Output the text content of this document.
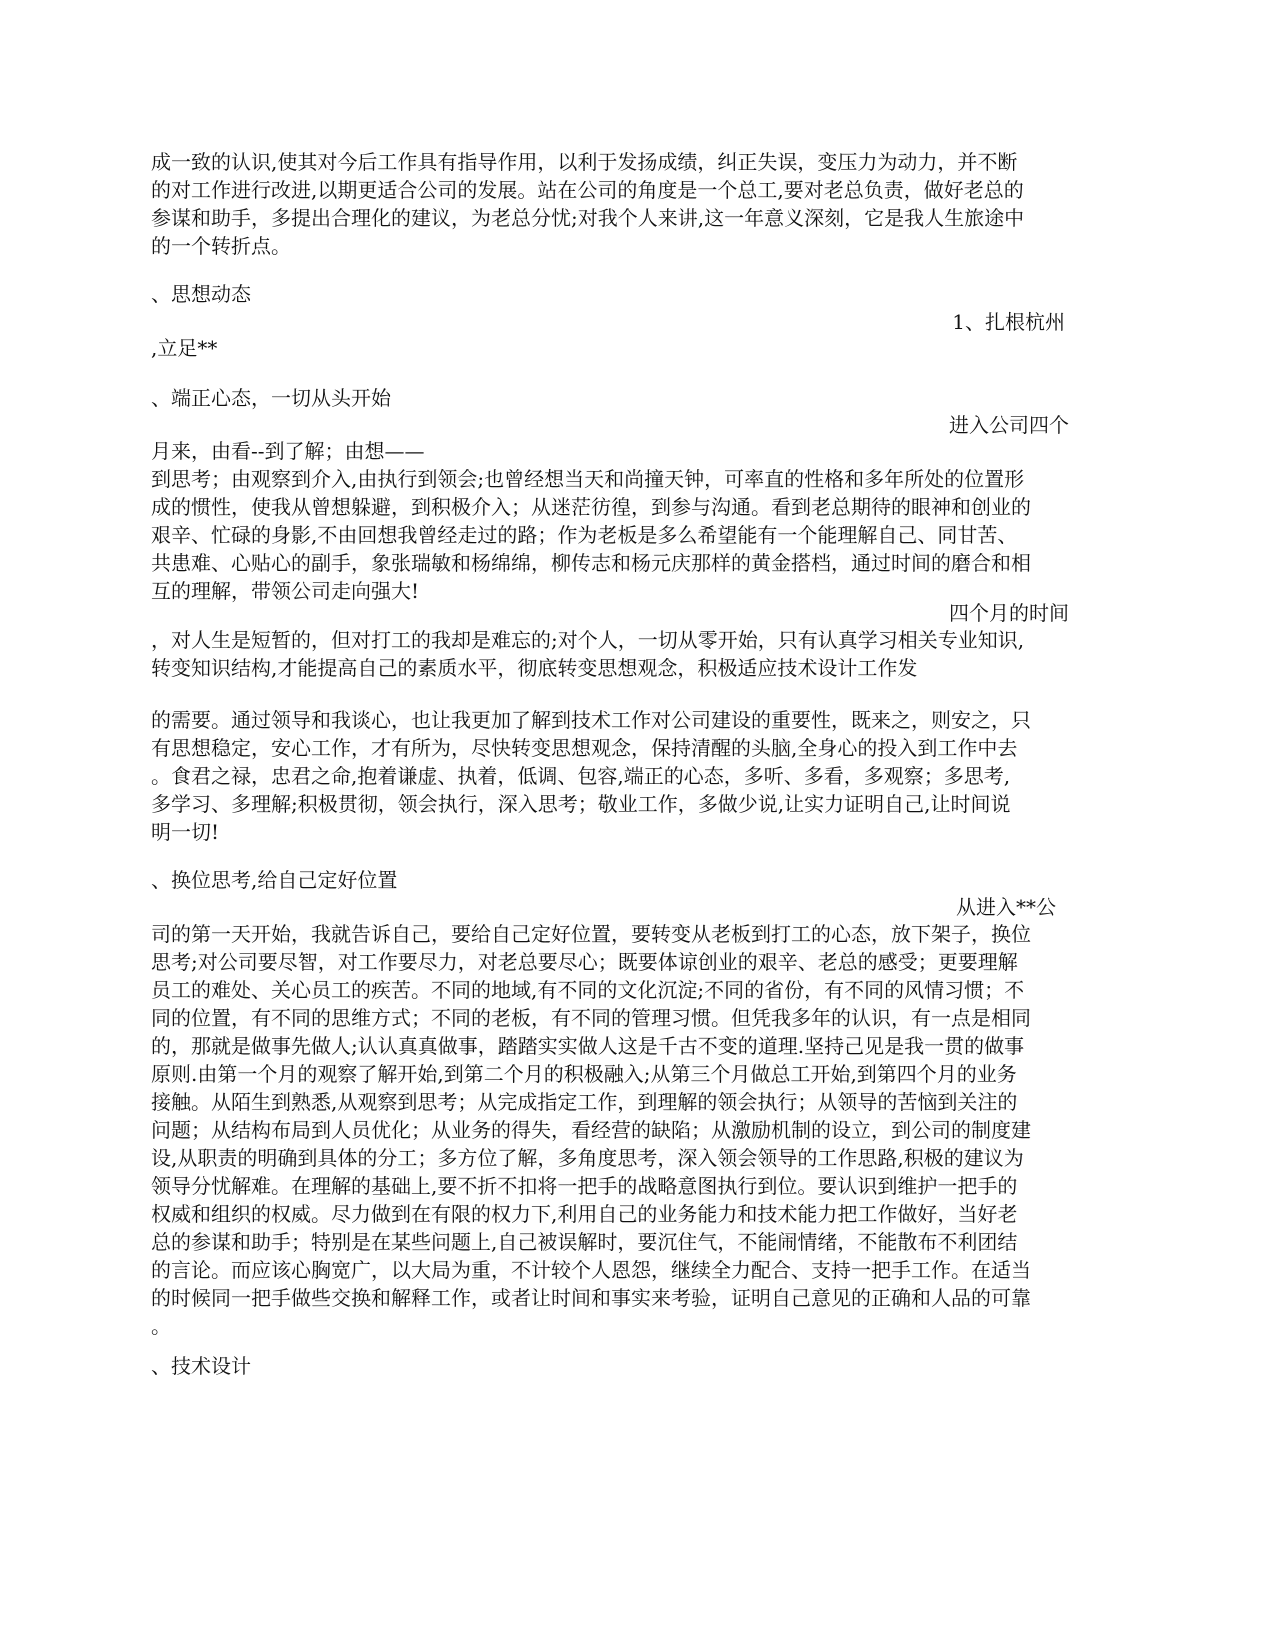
成一致的认识,使其对今后工作具有指导作用，以利于发扬成绩，纠正失误，变压力为动力，并不断
的对工作进行改进,以期更适合公司的发展。站在公司的角度是一个总工,要对老总负责，做好老总的
参谋和助手，多提出合理化的建议，为老总分忧;对我个人来讲,这一年意义深刻，它是我人生旅途中
的一个转折点。
、思想动态
1、扎根杭州
,立足**
、端正心态，一切从头开始
进入公司四个
月来，由看--到了解；由想——
到思考；由观察到介入,由执行到领会;也曾经想当天和尚撞天钟，可率直的性格和多年所处的位置形
成的惯性，使我从曾想躲避，到积极介入；从迷茫彷徨，到参与沟通。看到老总期待的眼神和创业的
艰辛、忙碌的身影,不由回想我曾经走过的路；作为老板是多么希望能有一个能理解自己、同甘苦、
共患难、心贴心的副手，象张瑞敏和杨绵绵，柳传志和杨元庆那样的黄金搭档，通过时间的磨合和相
互的理解，带领公司走向强大!
四个月的时间
，对人生是短暂的，但对打工的我却是难忘的;对个人，一切从零开始，只有认真学习相关专业知识,
转变知识结构,才能提高自己的素质水平，彻底转变思想观念，积极适应技术设计工作发
的需要。通过领导和我谈心，也让我更加了解到技术工作对公司建设的重要性，既来之，则安之，只
有思想稳定，安心工作，才有所为，尽快转变思想观念，保持清醒的头脑,全身心的投入到工作中去
。食君之禄，忠君之命,抱着谦虚、执着，低调、包容,端正的心态，多听、多看，多观察；多思考,
多学习、多理解;积极贯彻，领会执行，深入思考；敬业工作，多做少说,让实力证明自己,让时间说
明一切!
、换位思考,给自己定好位置
从进入**公
司的第一天开始，我就告诉自己，要给自己定好位置，要转变从老板到打工的心态，放下架子，换位
思考;对公司要尽智，对工作要尽力，对老总要尽心；既要体谅创业的艰辛、老总的感受；更要理解
员工的难处、关心员工的疾苦。不同的地域,有不同的文化沉淀;不同的省份，有不同的风情习惯；不
同的位置，有不同的思维方式；不同的老板，有不同的管理习惯。但凭我多年的认识，有一点是相同
的，那就是做事先做人;认认真真做事，踏踏实实做人这是千古不变的道理.坚持己见是我一贯的做事
原则.由第一个月的观察了解开始,到第二个月的积极融入;从第三个月做总工开始,到第四个月的业务
接触。从陌生到熟悉,从观察到思考；从完成指定工作，到理解的领会执行；从领导的苦恼到关注的
问题；从结构布局到人员优化；从业务的得失，看经营的缺陷；从激励机制的设立，到公司的制度建
设,从职责的明确到具体的分工；多方位了解，多角度思考，深入领会领导的工作思路,积极的建议为
领导分忧解难。在理解的基础上,要不折不扣将一把手的战略意图执行到位。要认识到维护一把手的
权威和组织的权威。尽力做到在有限的权力下,利用自己的业务能力和技术能力把工作做好，当好老
总的参谋和助手；特别是在某些问题上,自己被误解时，要沉住气，不能闹情绪，不能散布不利团结
的言论。而应该心胸宽广，以大局为重，不计较个人恩怨，继续全力配合、支持一把手工作。在适当
的时候同一把手做些交换和解释工作，或者让时间和事实来考验，证明自己意见的正确和人品的可靠
。
、技术设计
